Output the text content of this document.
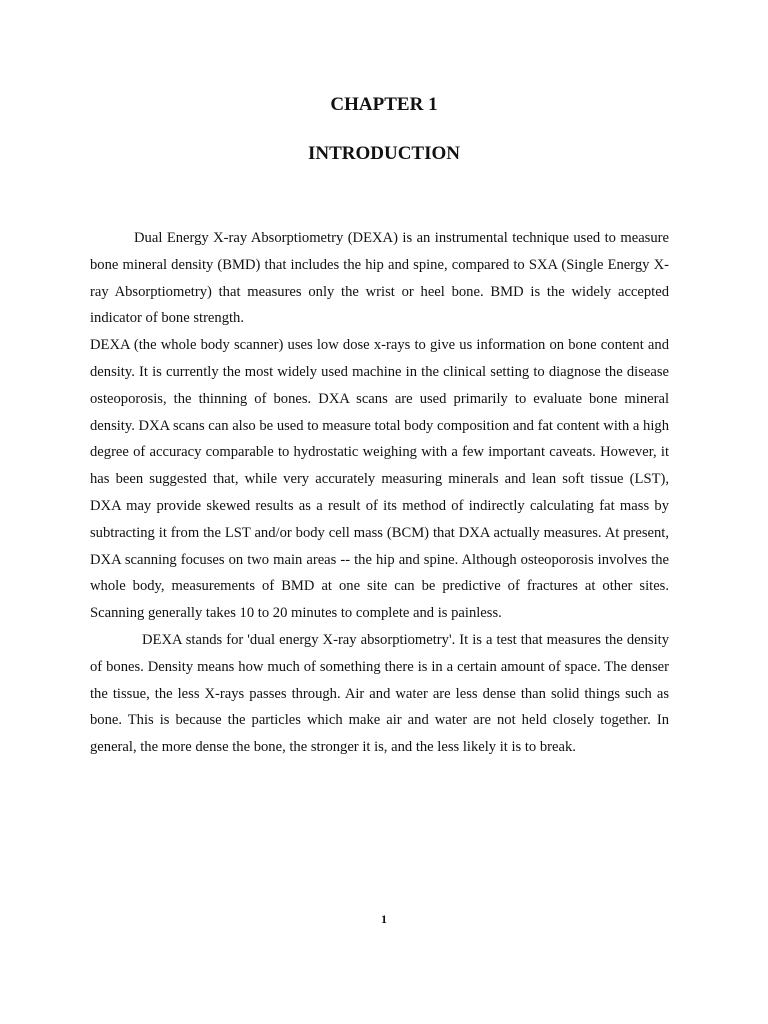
CHAPTER 1
INTRODUCTION

Dual Energy X-ray Absorptiometry (DEXA) is an instrumental technique used to measure bone mineral density (BMD) that includes the hip and spine, compared to SXA (Single Energy X-ray Absorptiometry) that measures only the wrist or heel bone. BMD is the widely accepted indicator of bone strength.

DEXA (the whole body scanner) uses low dose x-rays to give us information on bone content and density. It is currently the most widely used machine in the clinical setting to diagnose the disease osteoporosis, the thinning of bones. DXA scans are used primarily to evaluate bone mineral density. DXA scans can also be used to measure total body composition and fat content with a high degree of accuracy comparable to hydrostatic weighing with a few important caveats. However, it has been suggested that, while very accurately measuring minerals and lean soft tissue (LST), DXA may provide skewed results as a result of its method of indirectly calculating fat mass by subtracting it from the LST and/or body cell mass (BCM) that DXA actually measures. At present, DXA scanning focuses on two main areas -- the hip and spine. Although osteoporosis involves the whole body, measurements of BMD at one site can be predictive of fractures at other sites. Scanning generally takes 10 to 20 minutes to complete and is painless.

DEXA stands for 'dual energy X-ray absorptiometry'. It is a test that measures the density of bones. Density means how much of something there is in a certain amount of space. The denser the tissue, the less X-rays passes through. Air and water are less dense than solid things such as bone. This is because the particles which make air and water are not held closely together. In general, the more dense the bone, the stronger it is, and the less likely it is to break.

1
